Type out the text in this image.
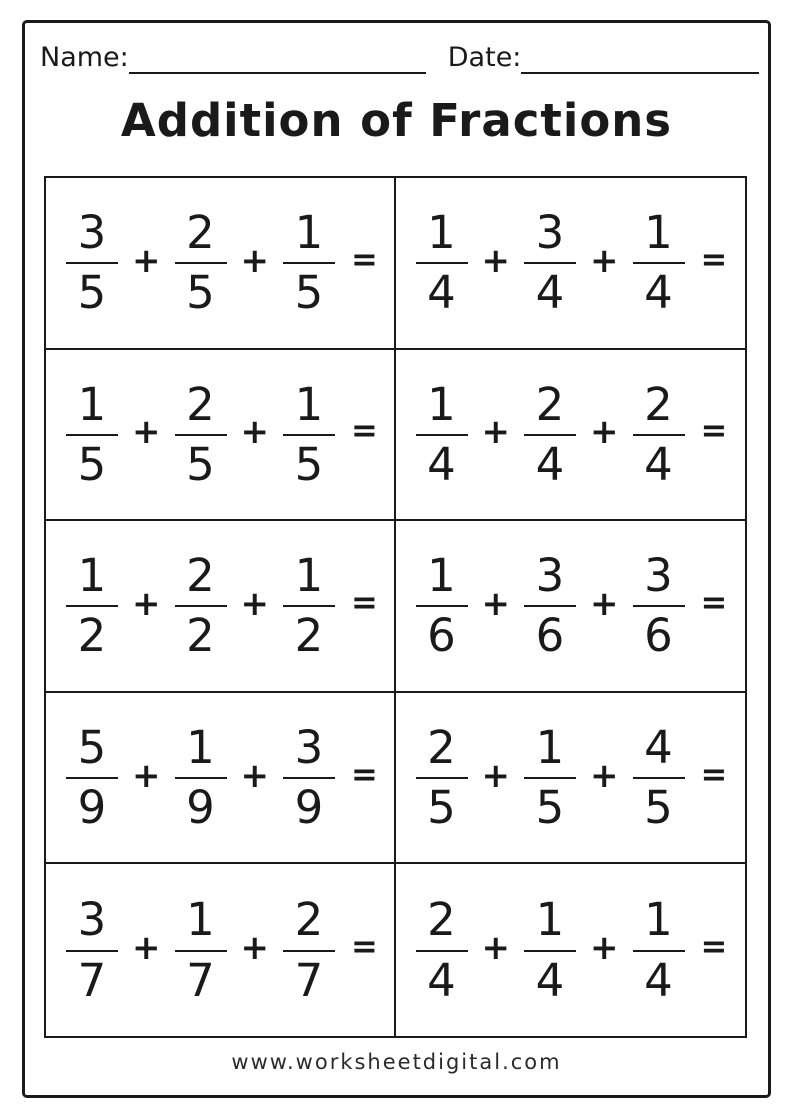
Name:	Date:
Addition of Fractions
$\frac{3}{5} + \frac{2}{5} + \frac{1}{5} = \frac{1}{4} + \frac{3}{4} + \frac{1}{4}$ =
$\frac{1}{5} + \frac{2}{5} + \frac{1}{5} = \frac{1}{4} + \frac{2}{4} + \frac{2}{4}$ =
$\frac{1}{2} + \frac{2}{2} + \frac{1}{2} = \frac{1}{6} + \frac{3}{6} + \frac{3}{6}$ =
$\frac{5}{9} + \frac{1}{9} + \frac{3}{9} = \frac{2}{5} + \frac{1}{5} + \frac{4}{5}$ =
$\frac{3}{7} + \frac{1}{7} + \frac{2}{7} = \frac{2}{4} + \frac{1}{4} + \frac{1}{4}$ =
www.worksheetdigital.com
